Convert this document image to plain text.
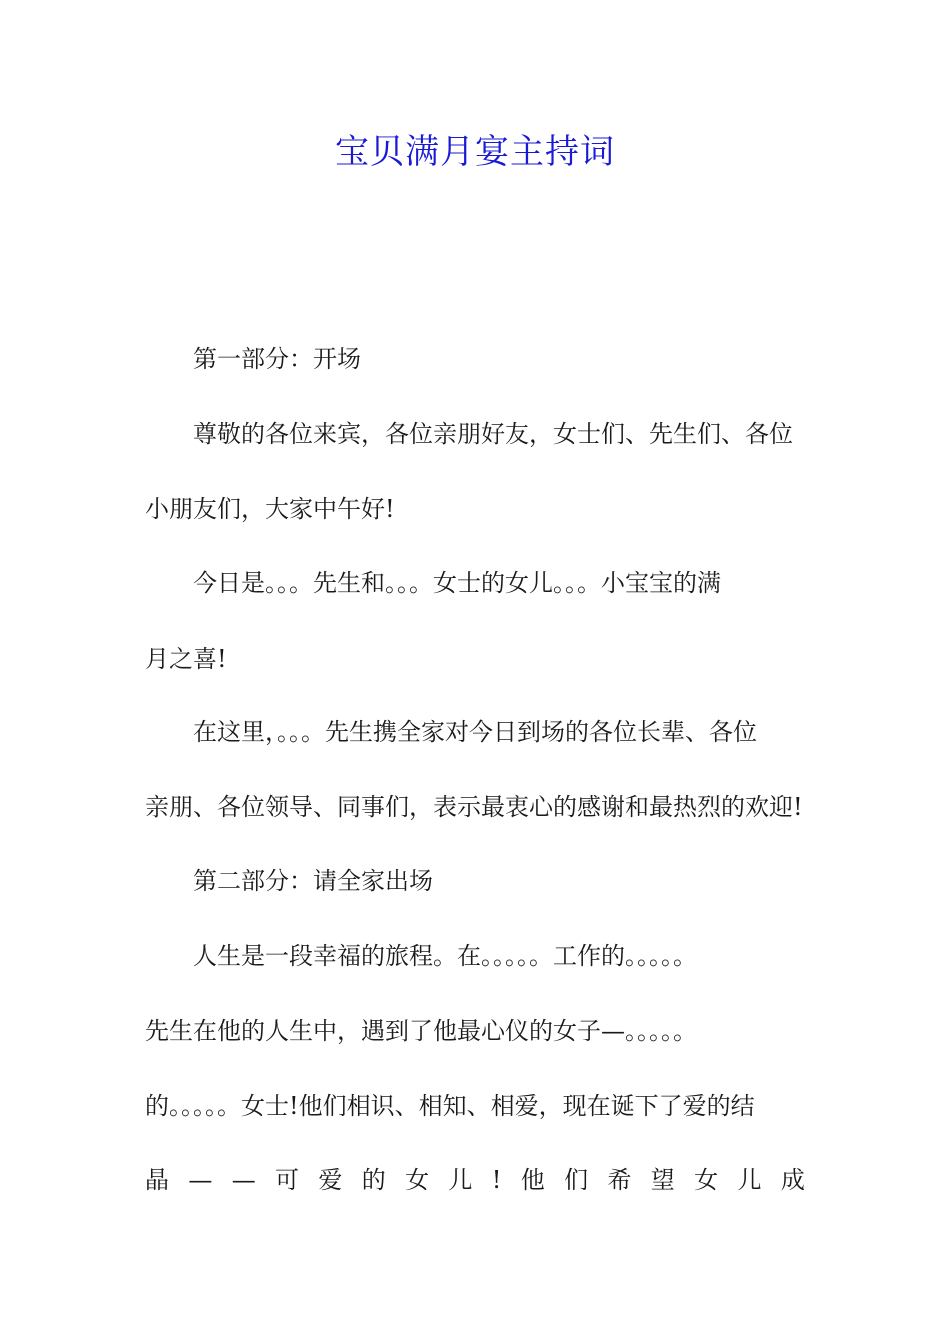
宝贝满月宴主持词
第一部分：开场
尊敬的各位来宾，各位亲朋好友，女士们、先生们、各位
小朋友们，大家中午好!
今日是。。。先生和。。。女士的女儿。。。小宝宝的满
月之喜!
在这里，。。。先生携全家对今日到场的各位长辈、各位
亲朋、各位领导、同事们，表示最衷心的感谢和最热烈的欢迎!
第二部分：请全家出场
人生是一段幸福的旅程。在。。。。。工作的。。。。。
先生在他的人生中，遇到了他最心仪的女子—。。。。。
的。。。。。女士!他们相识、相知、相爱，现在诞下了爱的结
晶 — — 可 爱 的 女 儿 ! 他 们 希 望 女 儿 成
